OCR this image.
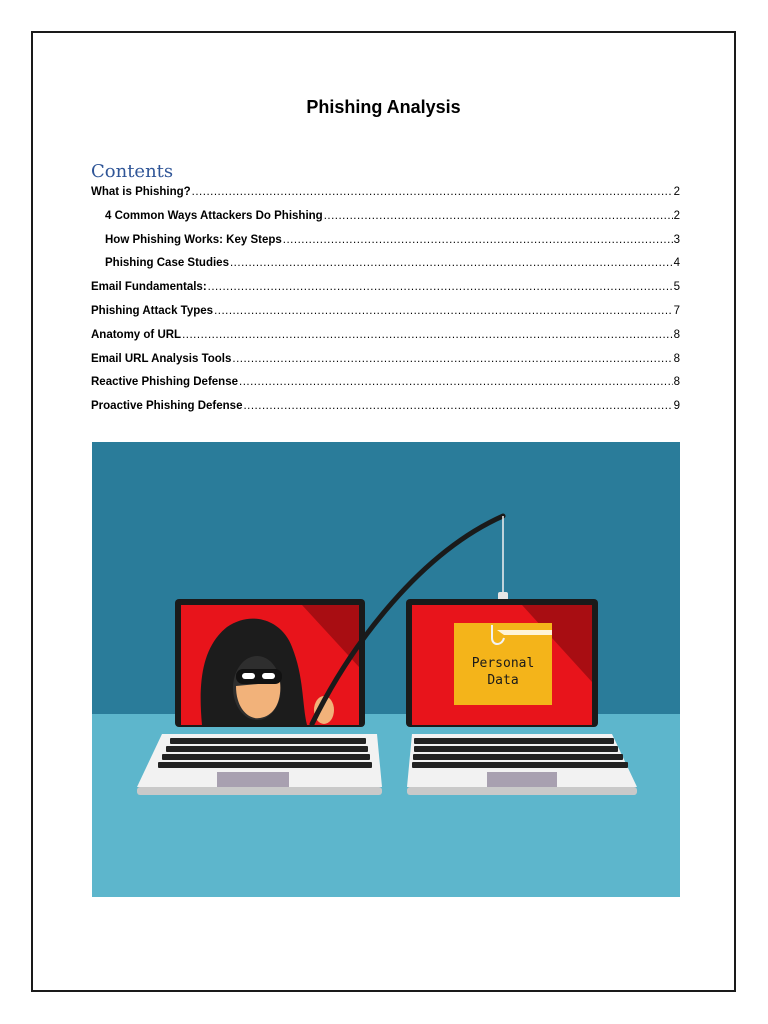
Phishing Analysis
Contents
What is Phishing? .....	2
4 Common Ways Attackers Do Phishing .....	2
How Phishing Works: Key Steps .....	3
Phishing Case Studies .....	4
Email Fundamentals: .....	5
Phishing Attack Types .....	7
Anatomy of URL .....	8
Email URL Analysis Tools .....	8
Reactive Phishing Defense .....	8
Proactive Phishing Defense .....	9
Personal
Data
